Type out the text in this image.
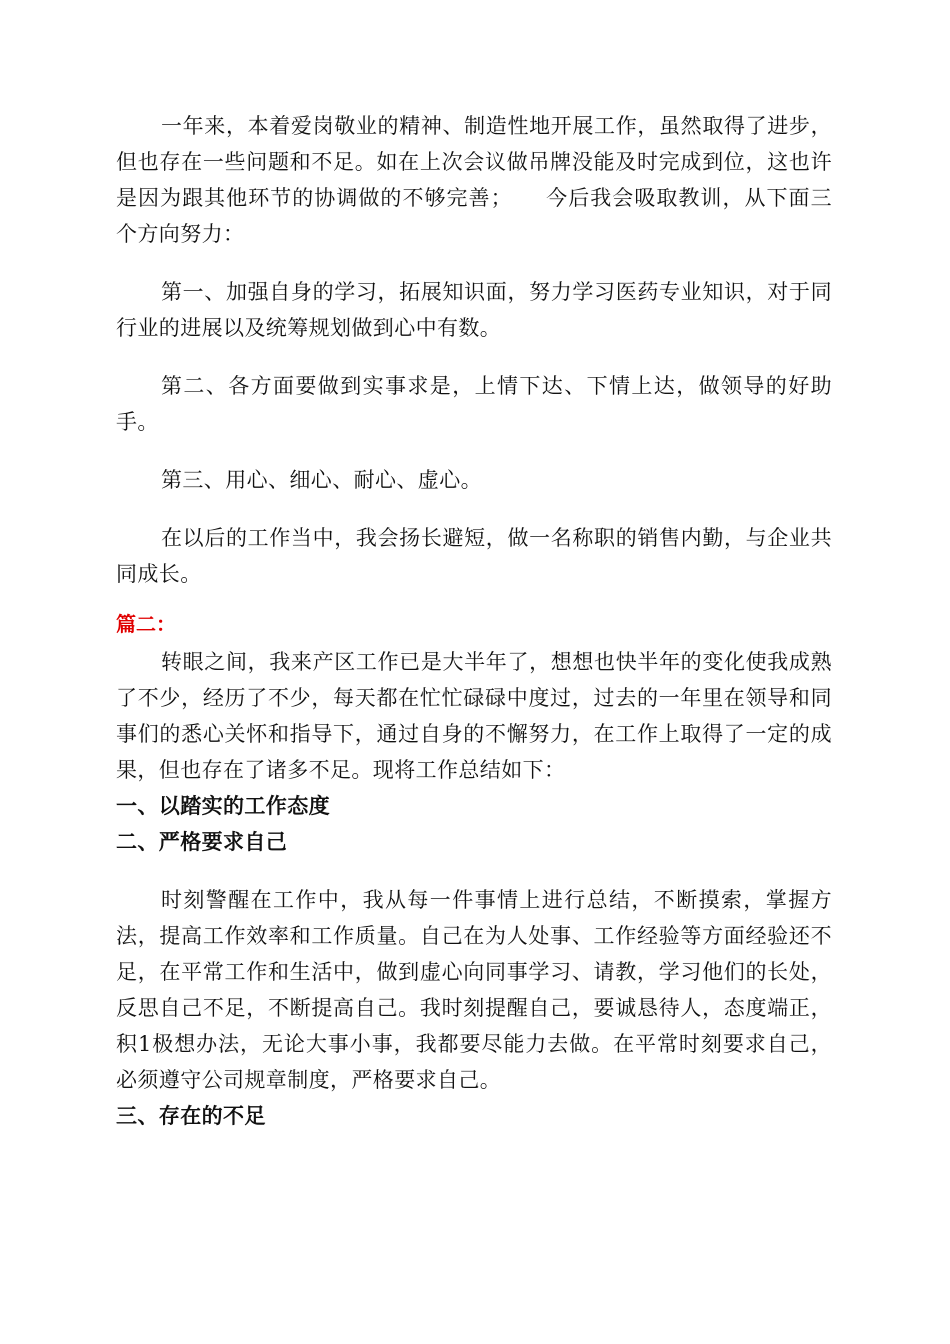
一年来，本着爱岗敬业的精神、制造性地开展工作，虽然取得了进步，但也存在一些问题和不足。如在上次会议做吊牌没能及时完成到位，这也许是因为跟其他环节的协调做的不够完善；　　今后我会吸取教训，从下面三个方向努力：

第一、加强自身的学习，拓展知识面，努力学习医药专业知识，对于同行业的进展以及统筹规划做到心中有数。

第二、各方面要做到实事求是，上情下达、下情上达，做领导的好助手。

第三、用心、细心、耐心、虚心。

在以后的工作当中，我会扬长避短，做一名称职的销售内勤，与企业共同成长。

篇二：

转眼之间，我来产区工作已是大半年了，想想也快半年的变化使我成熟了不少，经历了不少，每天都在忙忙碌碌中度过，过去的一年里在领导和同事们的悉心关怀和指导下，通过自身的不懈努力，在工作上取得了一定的成果，但也存在了诸多不足。现将工作总结如下：

一、以踏实的工作态度
二、严格要求自己

时刻警醒在工作中，我从每一件事情上进行总结，不断摸索，掌握方法，提高工作效率和工作质量。自己在为人处事、工作经验等方面经验还不足，在平常工作和生活中，做到虚心向同事学习、请教，学习他们的长处，反思自己不足，不断提高自己。我时刻提醒自己，要诚恳待人，态度端正，积1极想办法，无论大事小事，我都要尽能力去做。在平常时刻要求自己，必须遵守公司规章制度，严格要求自己。

三、存在的不足
